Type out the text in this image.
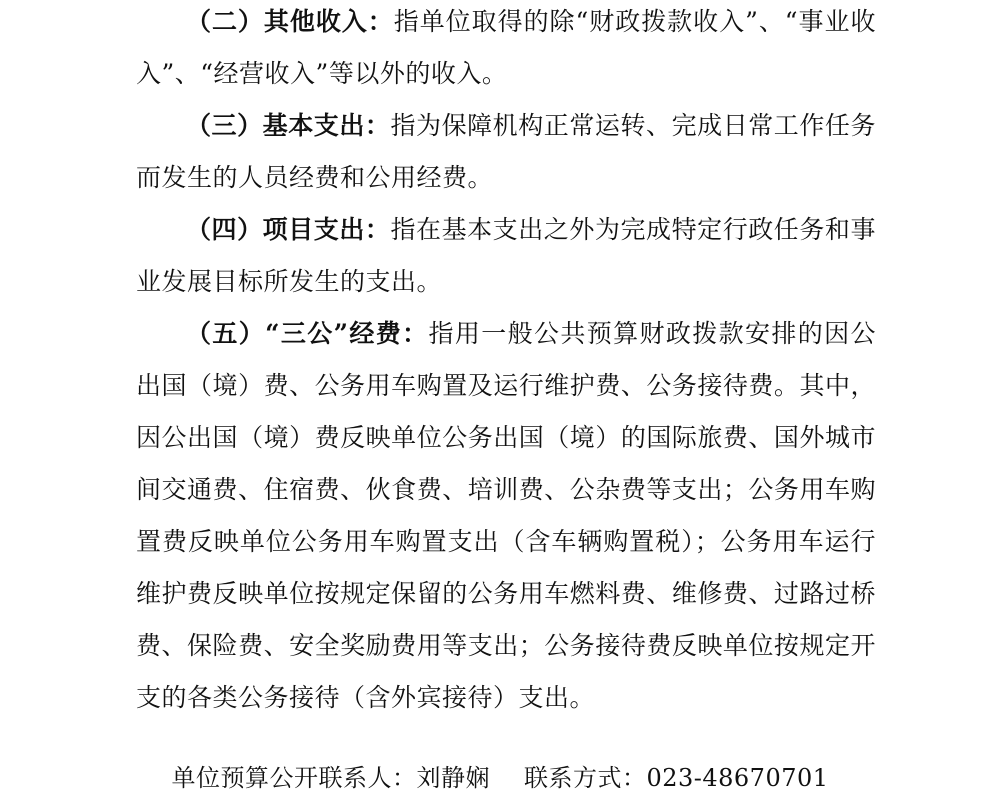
（二）其他收入：指单位取得的除“财政拨款收入”、“事业收入”、“经营收入”等以外的收入。

（三）基本支出：指为保障机构正常运转、完成日常工作任务而发生的人员经费和公用经费。

（四）项目支出：指在基本支出之外为完成特定行政任务和事业发展目标所发生的支出。

（五）“三公”经费：指用一般公共预算财政拨款安排的因公出国（境）费、公务用车购置及运行维护费、公务接待费。其中，因公出国（境）费反映单位公务出国（境）的国际旅费、国外城市间交通费、住宿费、伙食费、培训费、公杂费等支出；公务用车购置费反映单位公务用车购置支出（含车辆购置税）；公务用车运行维护费反映单位按规定保留的公务用车燃料费、维修费、过路过桥费、保险费、安全奖励费用等支出；公务接待费反映单位按规定开支的各类公务接待（含外宾接待）支出。

单位预算公开联系人：刘静娴 联系方式：023-48670701
